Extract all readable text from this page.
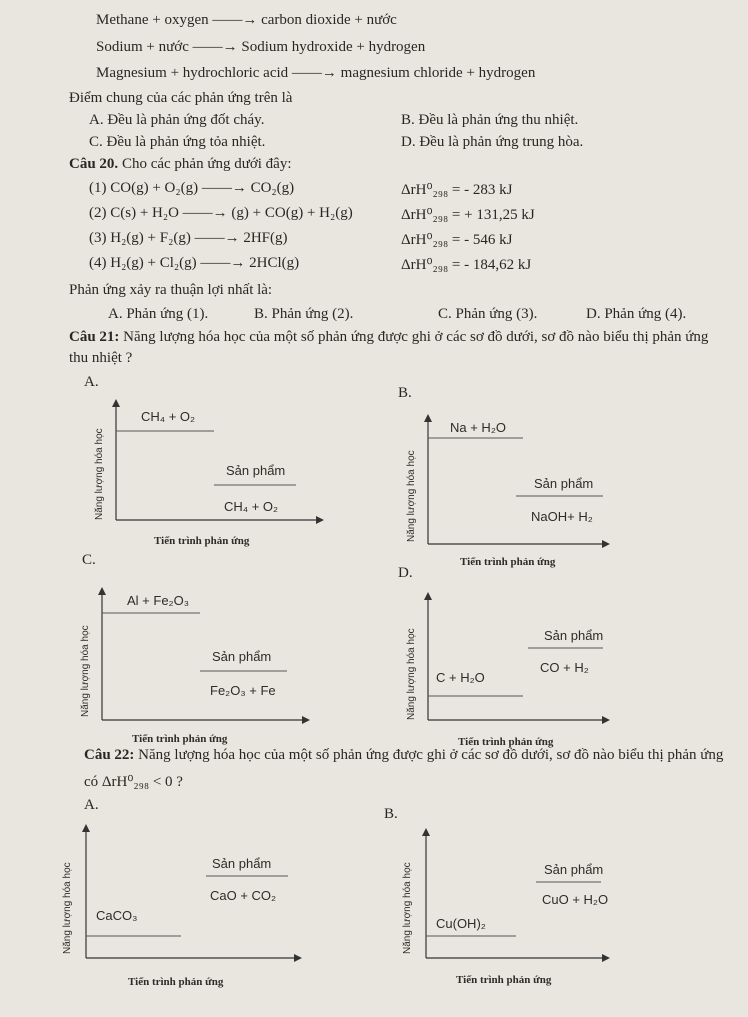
Methane + oxygen ——→ carbon dioxide + nước
Sodium + nước ——→ Sodium hydroxide + hydrogen
Magnesium + hydrochloric acid ——→ magnesium chloride + hydrogen
Điểm chung của các phản ứng trên là
A. Đều là phản ứng đốt cháy.	B. Đều là phản ứng thu nhiệt.
C. Đều là phản ứng tỏa nhiệt.	D. Đều là phản ứng trung hòa.
Câu 20. Cho các phản ứng dưới đây:
(1) CO(g) + O₂(g) ——→ CO₂(g)	ΔrH⁰₂₉₈ = - 283 kJ
(2) C(s) + H₂O ——→ (g) + CO(g) + H₂(g)	ΔrH⁰₂₉₈ = + 131,25 kJ
(3) H₂(g) + F₂(g) ——→ 2HF(g)	ΔrH⁰₂₉₈ = - 546 kJ
(4) H₂(g) + Cl₂(g) ——→ 2HCl(g)	ΔrH⁰₂₉₈ = - 184,62 kJ
Phản ứng xảy ra thuận lợi nhất là:
A. Phản ứng (1).	B. Phản ứng (2).	C. Phản ứng (3).	D. Phản ứng (4).
Câu 21: Năng lượng hóa học của một số phản ứng được ghi ở các sơ đồ dưới, sơ đồ nào biểu thị phản ứng
thu nhiệt ?
A.
B.
C.
D.
CH₄ + O₂
Sản phẩm
CH₄ + O₂
Năng lượng hóa học
Tiến trình phản ứng
Na + H₂O
Sản phẩm
NaOH+ H₂
Năng lượng hóa học
Tiến trình phản ứng
Al + Fe₂O₃
Sản phẩm
Fe₂O₃ + Fe
Năng lượng hóa học
Tiến trình phản ứng
Sản phẩm
CO + H₂
C + H₂O
Năng lượng hóa học
Tiến trình phản ứng
Câu 22: Năng lượng hóa học của một số phản ứng được ghi ở các sơ đồ dưới, sơ đồ nào biểu thị phản ứng
có ΔrH⁰₂₉₈ < 0 ?
A.
B.
Sản phẩm
CaO + CO₂
CaCO₃
Năng lượng hóa học
Tiến trình phản ứng
Sản phẩm
CuO + H₂O
Cu(OH)₂
Năng lượng hóa học
Tiến trình phản ứng
